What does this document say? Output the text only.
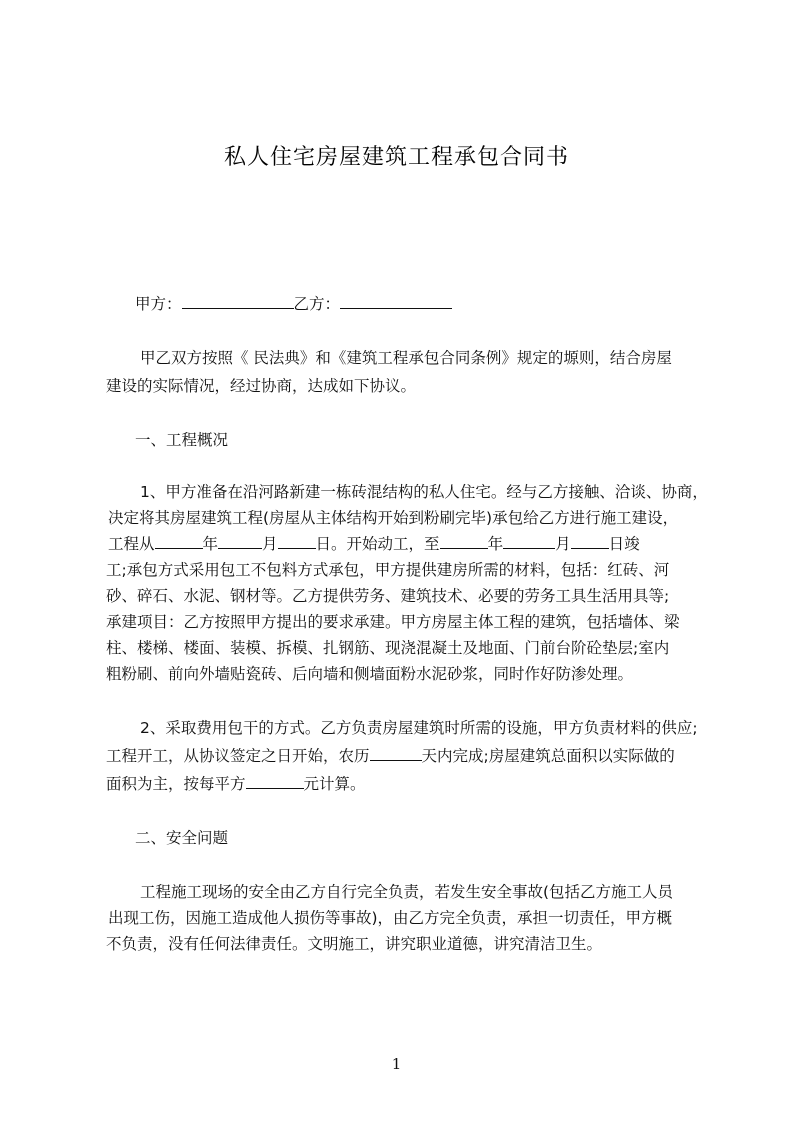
私人住宅房屋建筑工程承包合同书
甲方：	乙方：
甲乙双方按照《 民法典》和《建筑工程承包合同条例》规定的塬则，结合房屋
建设的实际情况，经过协商，达成如下协议。
一、工程概况
1、甲方准备在沿河路新建一栋砖混结构的私人住宅。经与乙方接触、洽谈、协商，
决定将其房屋建筑工程(房屋从主体结构开始到粉刷完毕)承包给乙方进行施工建设，
工程从	年	月 日。开始动工，至	年	月 日竣
工;承包方式采用包工不包料方式承包，甲方提供建房所需的材料，包括：红砖、河
砂、碎石、水泥、钢材等。乙方提供劳务、建筑技术、必要的劳务工具生活用具等;
承建项目：乙方按照甲方提出的要求承建。甲方房屋主体工程的建筑，包括墙体、梁
柱、楼梯、楼面、装模、拆模、扎钢筋、现浇混凝土及地面、门前台阶砼垫层;室内
粗粉刷、前向外墙贴瓷砖、后向墙和侧墙面粉水泥砂浆，同时作好防渗处理。
2、采取费用包干的方式。乙方负责房屋建筑时所需的设施，甲方负责材料的供应;
工程开工，从协议签定之日开始，农历	天内完成;房屋建筑总面积以实际做的
面积为主，按每平方	元计算。
二、安全问题
工程施工现场的安全由乙方自行完全负责，若发生安全事故(包括乙方施工人员
出现工伤，因施工造成他人损伤等事故)，由乙方完全负责，承担一切责任，甲方概
不负责，没有任何法律责任。文明施工，讲究职业道德，讲究清洁卫生。
1
